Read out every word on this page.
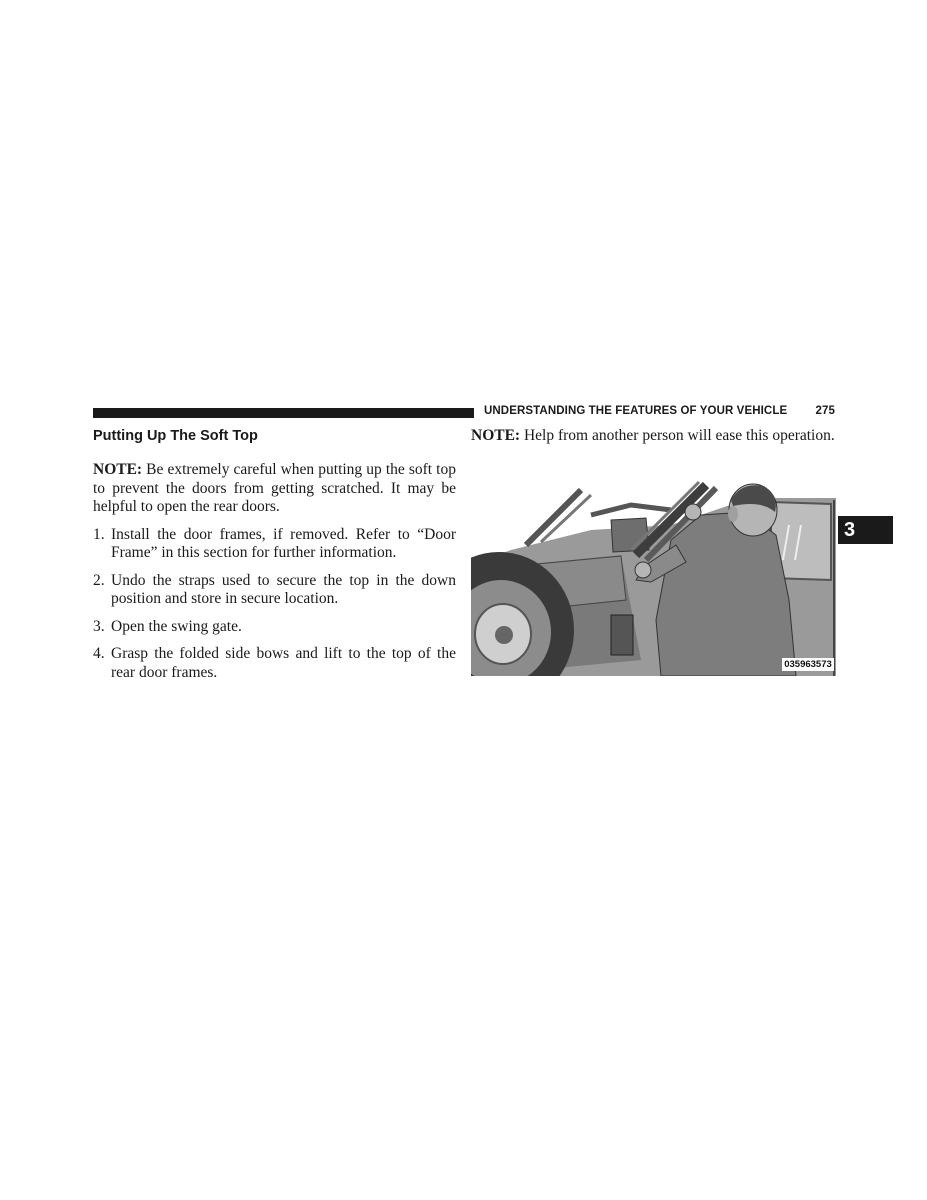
UNDERSTANDING THE FEATURES OF YOUR VEHICLE 275
3
Putting Up The Soft Top

NOTE: Be extremely careful when putting up the soft top to prevent the doors from getting scratched. It may be helpful to open the rear doors.

1. Install the door frames, if removed. Refer to “Door Frame” in this section for further information.
2. Undo the straps used to secure the top in the down position and store in secure location.
3. Open the swing gate.
4. Grasp the folded side bows and lift to the top of the rear door frames.

NOTE: Help from another person will ease this operation.

035963573
